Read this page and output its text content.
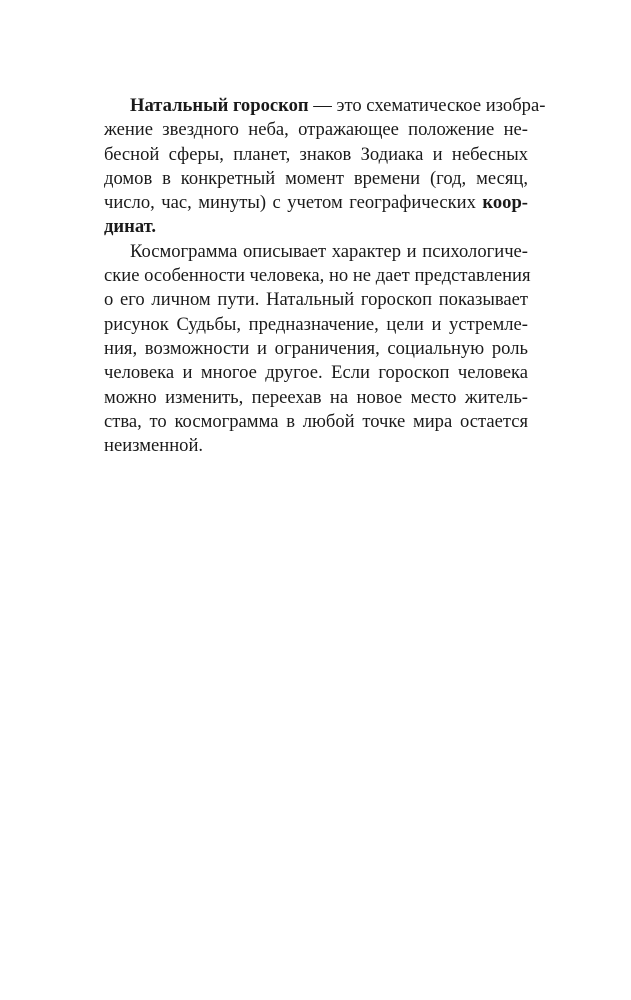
Натальный гороскоп — это схематическое изобра-
жение звездного неба, отражающее положение не-
бесной сферы, планет, знаков Зодиака и небесных
домов в конкретный момент времени (год, месяц,
число, час, минуты) с учетом географических коор-
динат.
Космограмма описывает характер и психологиче-
ские особенности человека, но не дает представления
о его личном пути. Натальный гороскоп показывает
рисунок Судьбы, предназначение, цели и устремле-
ния, возможности и ограничения, социальную роль
человека и многое другое. Если гороскоп человека
можно изменить, переехав на новое место житель-
ства, то космограмма в любой точке мира остается
неизменной.
